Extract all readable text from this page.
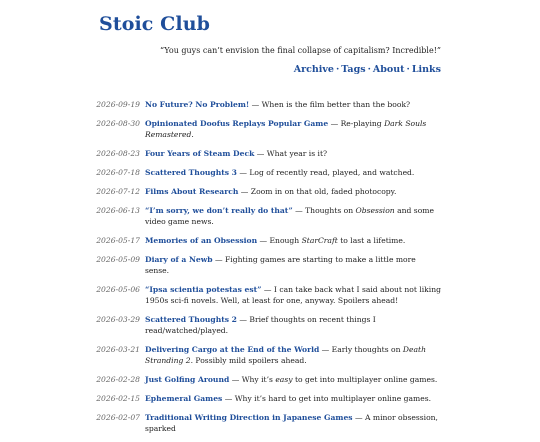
Stoic Club
“You guys can’t envision the final collapse of capitalism? Incredible!”
Archive · Tags · About · Links
2026-09-19 No Future? No Problem! — When is the film better than the book?
2026-08-30 Opinionated Doofus Replays Popular Game — Re-playing Dark Souls Remastered.
2026-08-23 Four Years of Steam Deck — What year is it?
2026-07-18 Scattered Thoughts 3 — Log of recently read, played, and watched.
2026-07-12 Films About Research — Zoom in on that old, faded photocopy.
2026-06-13 “I’m sorry, we don’t really do that” — Thoughts on Obsession and some video game news.
2026-05-17 Memories of an Obsession — Enough StarCraft to last a lifetime.
2026-05-09 Diary of a Newb — Fighting games are starting to make a little more sense.
2026-05-06 “Ipsa scientia potestas est” — I can take back what I said about not liking 1950s sci-fi novels. Well, at least for one, anyway. Spoilers ahead!
2026-03-29 Scattered Thoughts 2 — Brief thoughts on recent things I read/watched/played.
2026-03-21 Delivering Cargo at the End of the World — Early thoughts on Death Stranding 2. Possibly mild spoilers ahead.
2026-02-28 Just Golfing Around — Why it’s easy to get into multiplayer online games.
2026-02-15 Ephemeral Games — Why it’s hard to get into multiplayer online games.
2026-02-07 Traditional Writing Direction in Japanese Games — A minor obsession, sparked
